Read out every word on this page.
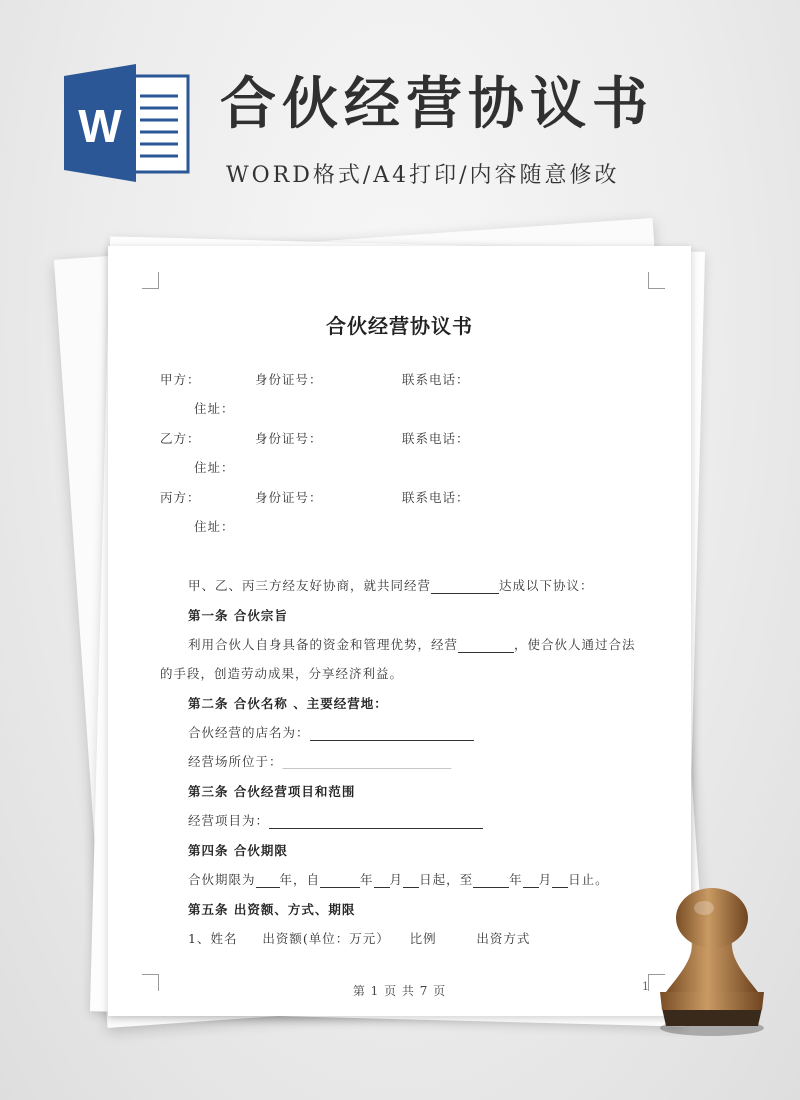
W 合伙经营协议书
WORD格式/A4打印/内容随意修改
合伙经营协议书
甲方：	身份证号：	联系电话：
住址：
乙方：	身份证号：	联系电话：
住址：
丙方：	身份证号：	联系电话：
住址：
甲、乙、丙三方经友好协商，就共同经营	达成以下协议：
第一条 合伙宗旨
利用合伙人自身具备的资金和管理优势，经营	，使合伙人通过合法
的手段，创造劳动成果，分享经济利益。
第二条 合伙名称 、主要经营地：
合伙经营的店名为：
经营场所位于：___________________________
第三条 合伙经营项目和范围
经营项目为：
第四条 合伙期限
合伙期限为 年，自	年 月 日起，至	年 月 日止。
第五条 出资额、方式、期限
1、姓名     出资额(单位：万元）    比例        出资方式
第 1 页 共 7 页	1
